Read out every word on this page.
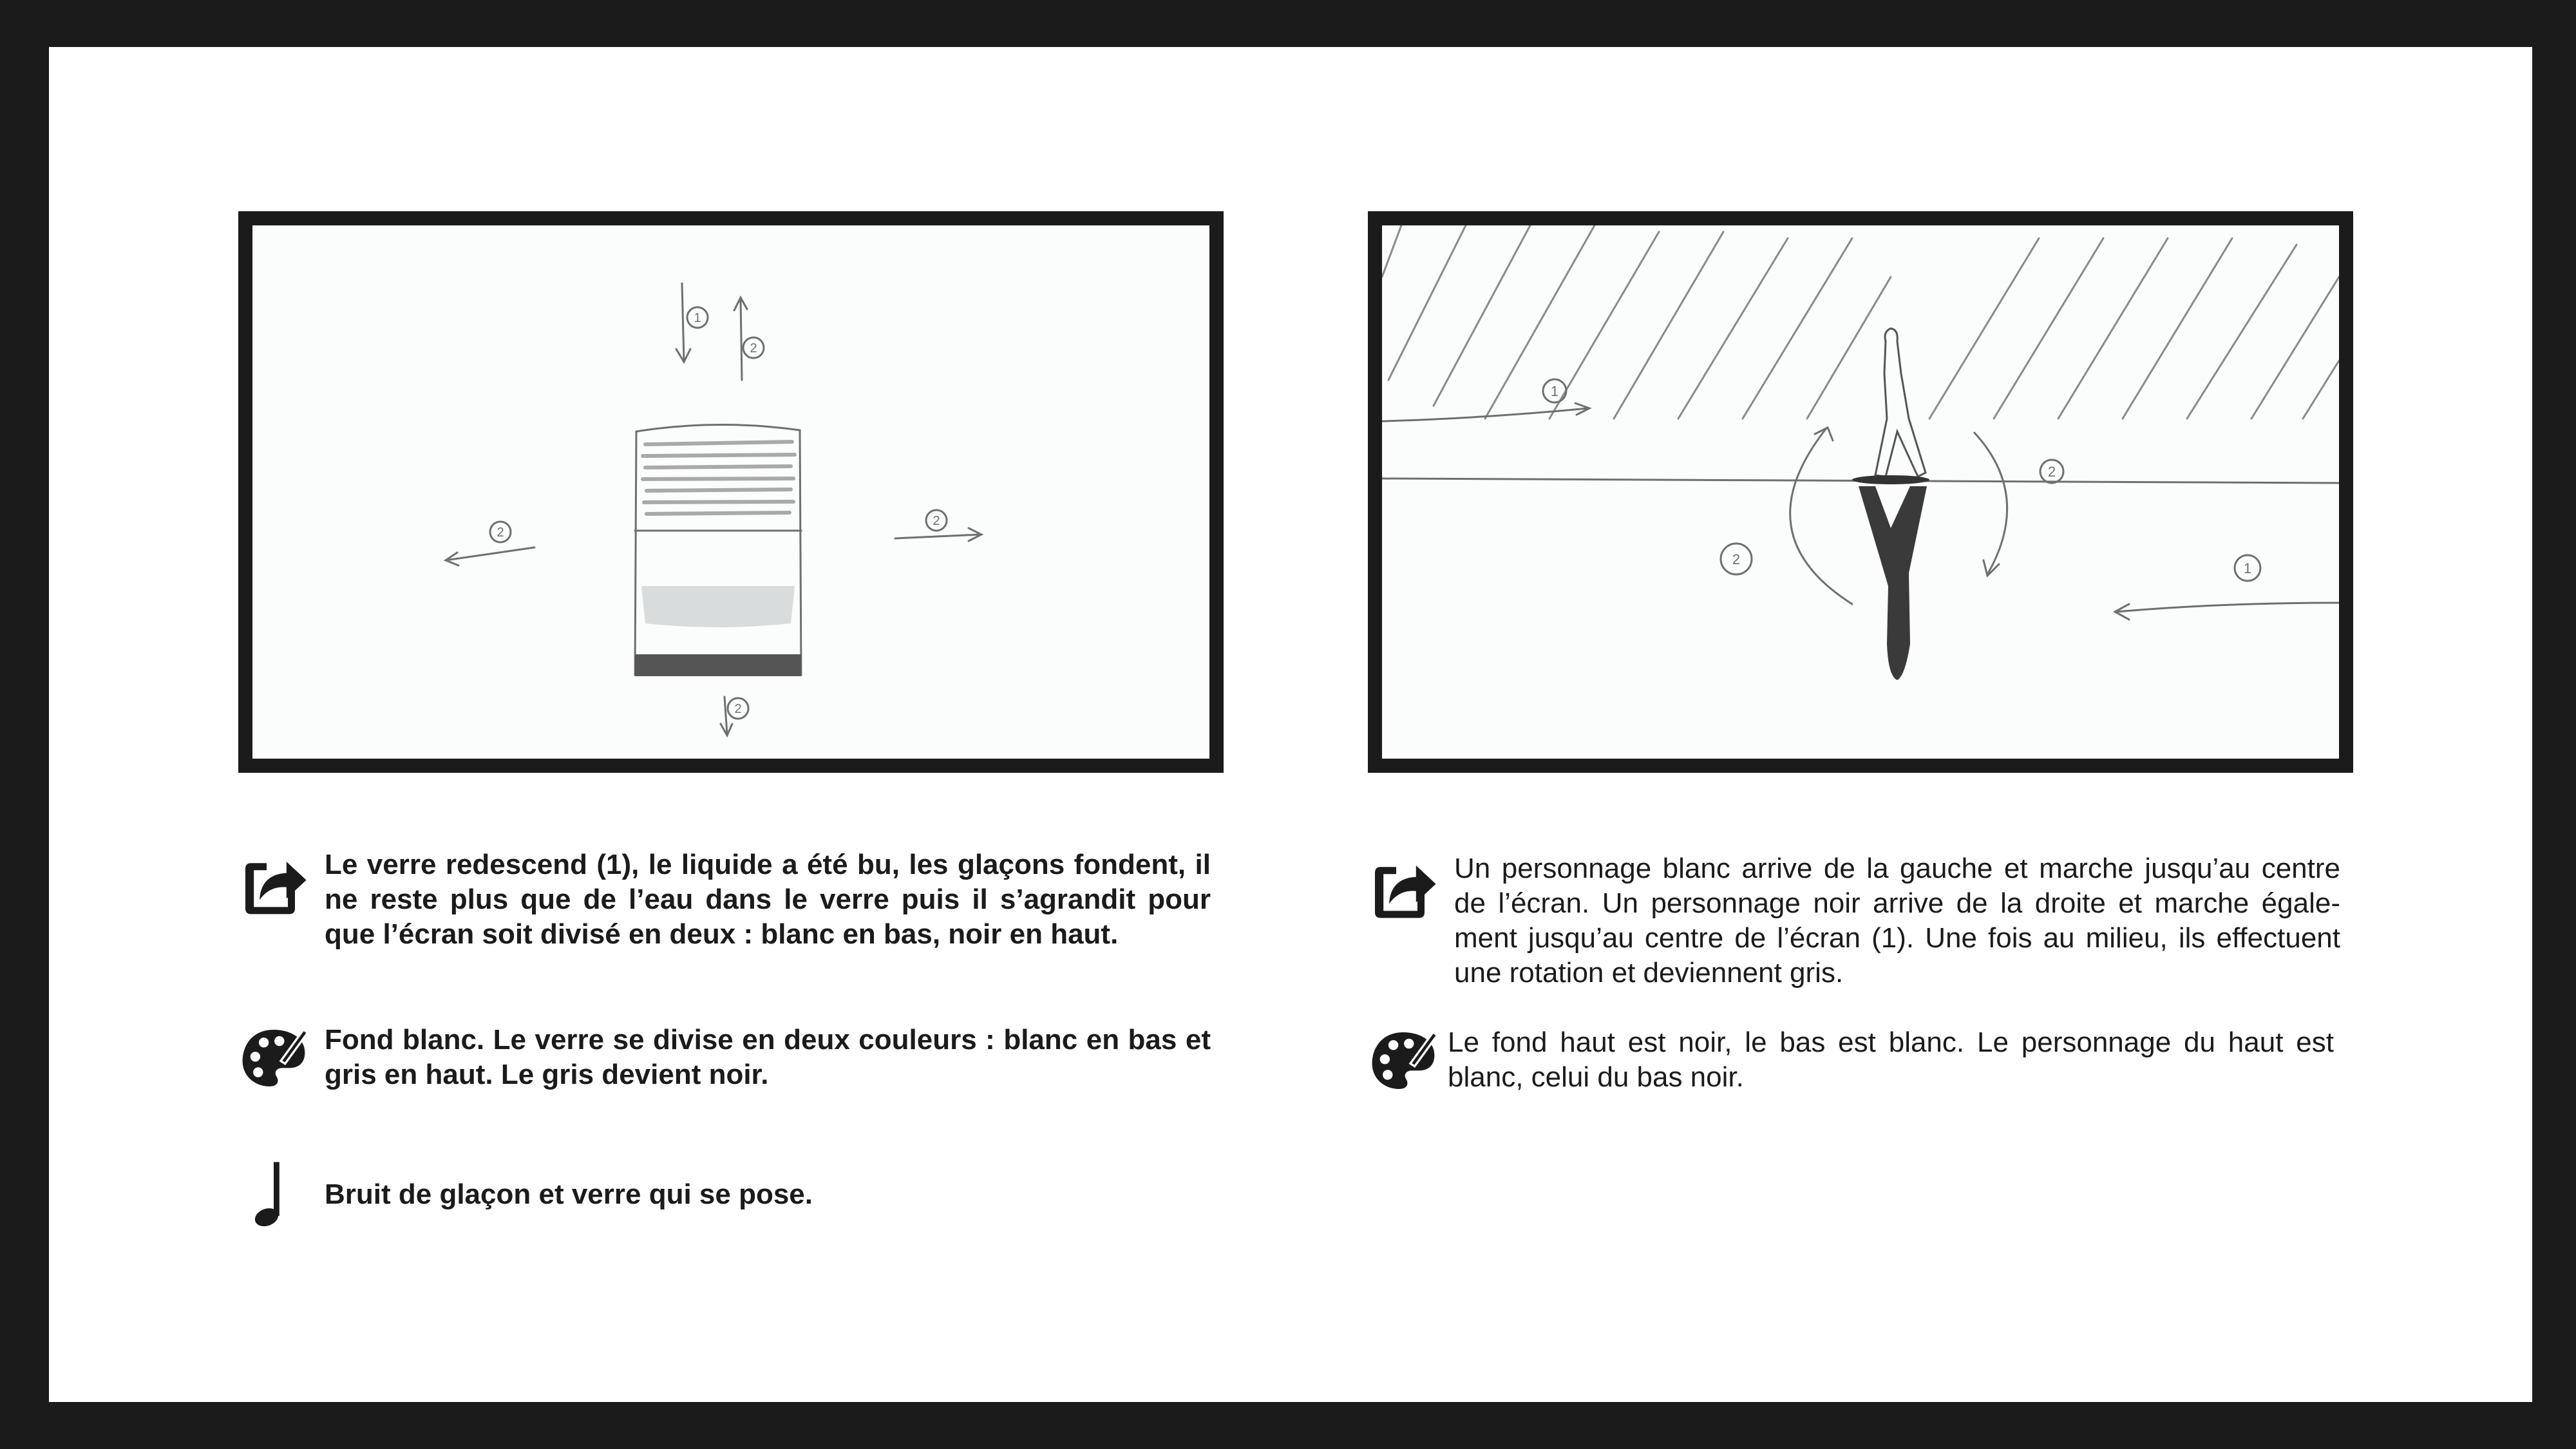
1
2
2
2
2
1
2
2
1
Le verre redescend (1), le liquide a été bu, les glaçons fondent, il ne reste plus que de l’eau dans le verre puis il s’agrandit pour que l’écran soit divisé en deux : blanc en bas, noir en haut.
Fond blanc. Le verre se divise en deux couleurs : blanc en bas et gris en haut. Le gris devient noir.
Bruit de glaçon et verre qui se pose.
Un personnage blanc arrive de la gauche et marche jusqu’au centre de l’écran. Un personnage noir arrive de la droite et marche également jusqu’au centre de l’écran (1). Une fois au milieu, ils effectuent une rotation et deviennent gris.
Le fond haut est noir, le bas est blanc. Le personnage du haut est blanc, celui du bas noir.
